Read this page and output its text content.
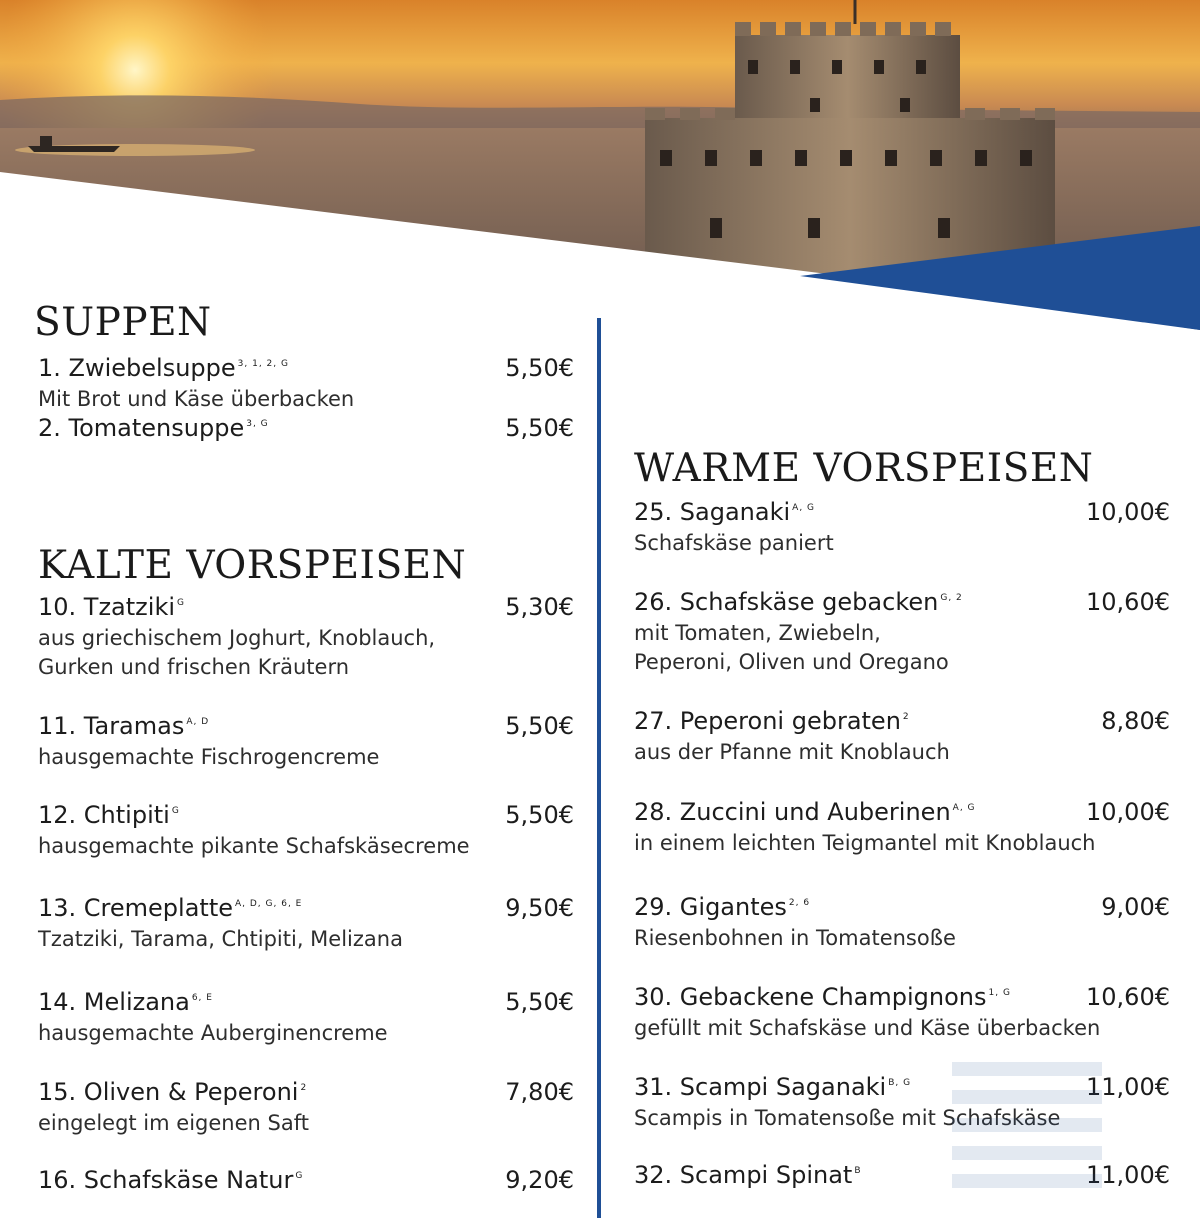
SUPPEN
1. Zwiebelsuppe $^{3, 1, 2, G}$	5,50€
Mit Brot und Käse überbacken
2. Tomatensuppe $^{3, G}$	5,50€
KALTE VORSPEISEN
10. Tzatziki $^G$	5,30€
aus griechischem Joghurt, Knoblauch,
Gurken und frischen Kräutern
11. Taramas $^{A, D}$	5,50€
hausgemachte Fischrogencreme
12. Chtipiti $^G$	5,50€
hausgemachte pikante Schafskäsecreme
13. Cremeplatte $^{A, D, G, 6, E}$	9,50€
Tzatziki, Tarama, Chtipiti, Melizana
14. Melizana $^{6, E}$	5,50€
hausgemachte Auberginencreme
15. Oliven & Peperoni $^2$	7,80€
eingelegt im eigenen Saft
16. Schafskäse Natur $^G$	9,20€
WARME VORSPEISEN
25. Saganaki $^{A, G}$	10,00€
Schafskäse paniert
26. Schafskäse gebacken $^{G, 2}$	10,60€
mit Tomaten, Zwiebeln,
Peperoni, Oliven und Oregano
27. Peperoni gebraten $^2$	8,80€
aus der Pfanne mit Knoblauch
28. Zuccini und Auberinen $^{A, G}$	10,00€
in einem leichten Teigmantel mit Knoblauch
29. Gigantes $^{2, 6}$	9,00€
Riesenbohnen in Tomatensoße
30. Gebackene Champignons $^{1, G}$	10,60€
gefüllt mit Schafskäse und Käse überbacken
31. Scampi Saganaki $^{B, G}$	11,00€
Scampis in Tomatensoße mit Schafskäse
32. Scampi Spinat $^B$	11,00€
